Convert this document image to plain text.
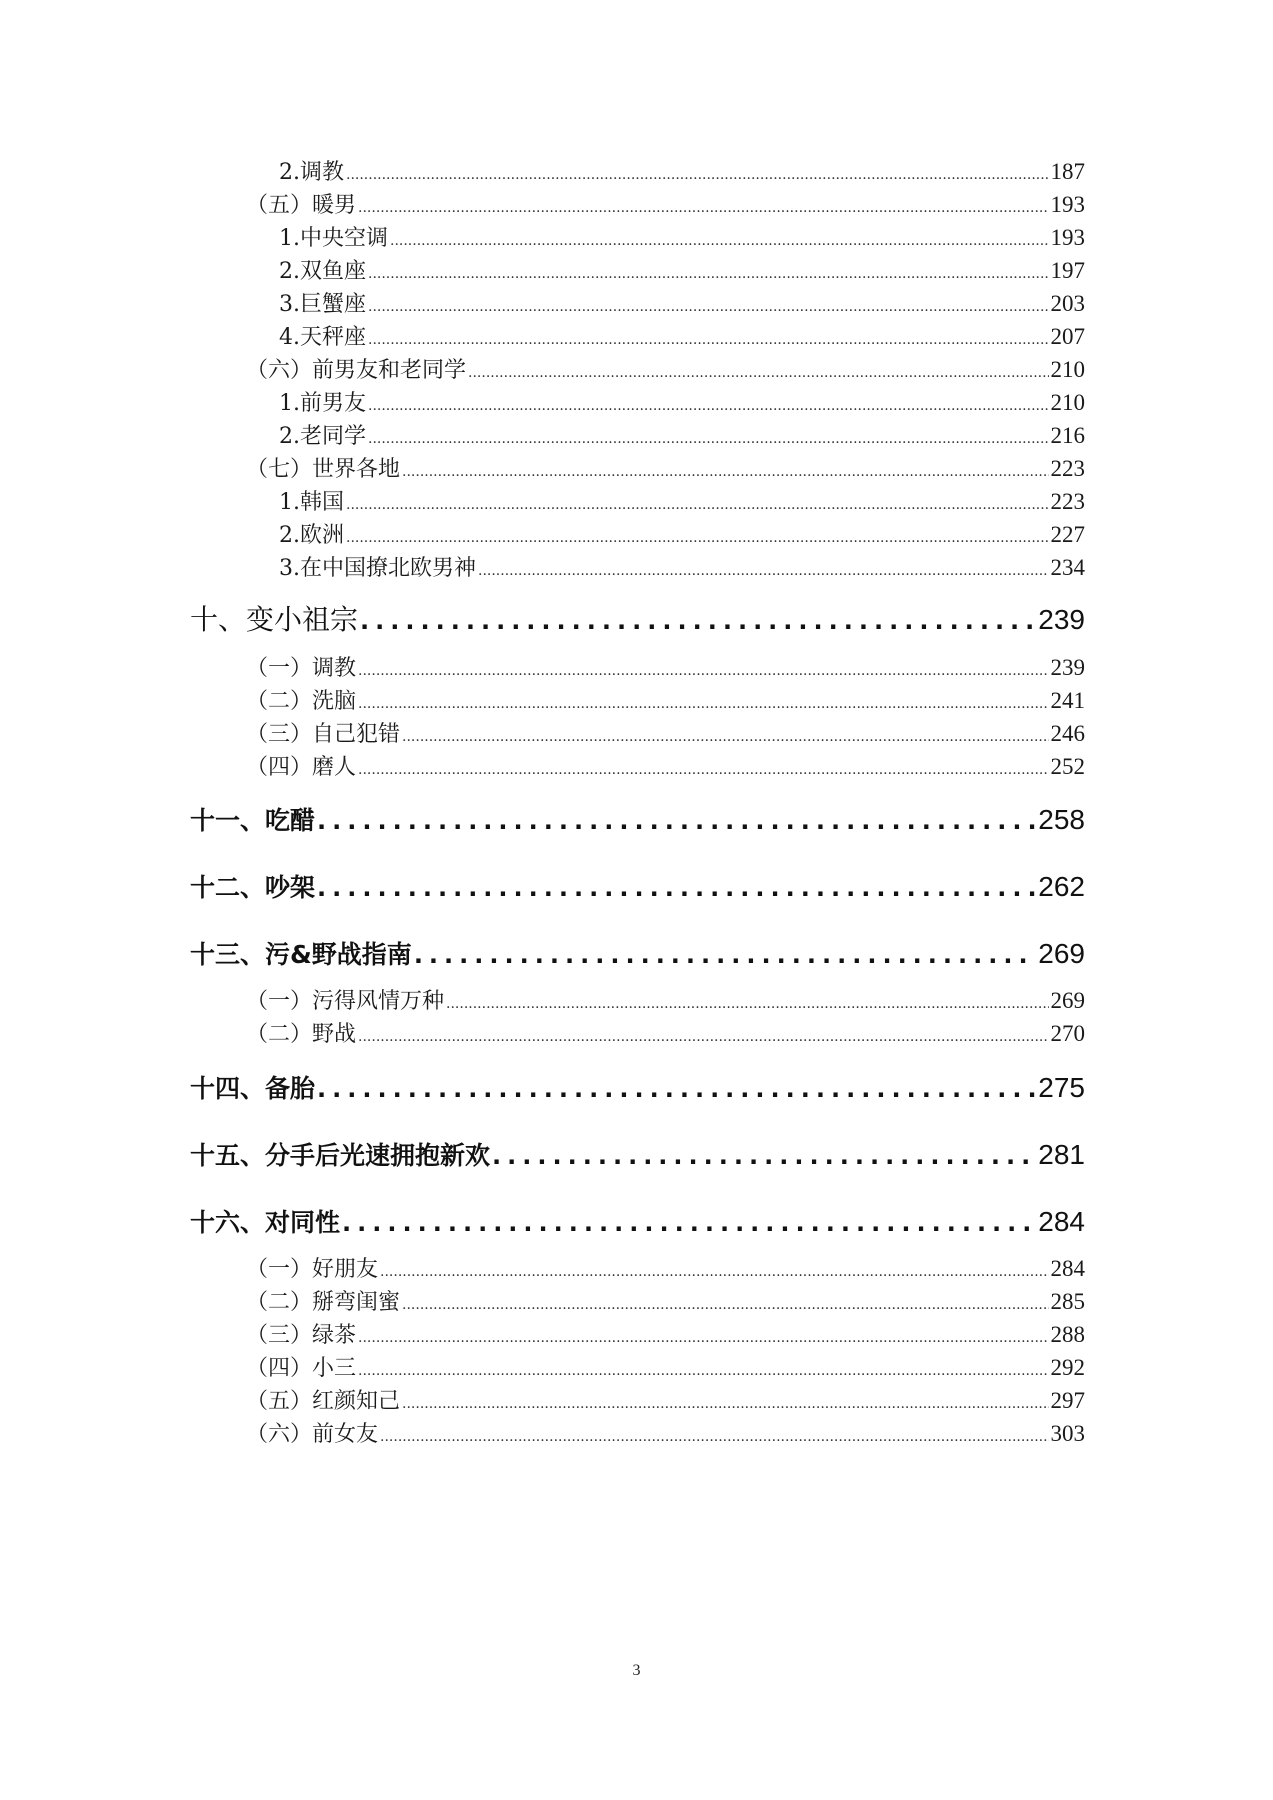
2.调教 .....	187
（五）暖男 .....	193
1.中央空调 .....	193
2.双鱼座 .....	197
3.巨蟹座 .....	203
4.天秤座 .....	207
（六）前男友和老同学 .....	210
1.前男友 .....	210
2.老同学 .....	216
（七）世界各地 .....	223
1.韩国 .....	223
2.欧洲 .....	227
3.在中国撩北欧男神 .....	234
十、变小祖宗 .....	239
（一）调教 .....	239
（二）洗脑 .....	241
（三）自己犯错 .....	246
（四）磨人 .....	252
十一、吃醋 .....	258
十二、吵架 .....	262
十三、污&野战指南 .....	269
（一）污得风情万种 .....	269
（二）野战 .....	270
十四、备胎 .....	275
十五、分手后光速拥抱新欢 .....	281
十六、对同性 .....	284
（一）好朋友 .....	284
（二）掰弯闺蜜 .....	285
（三）绿茶 .....	288
（四）小三 .....	292
（五）红颜知己 .....	297
（六）前女友 .....	303
3
